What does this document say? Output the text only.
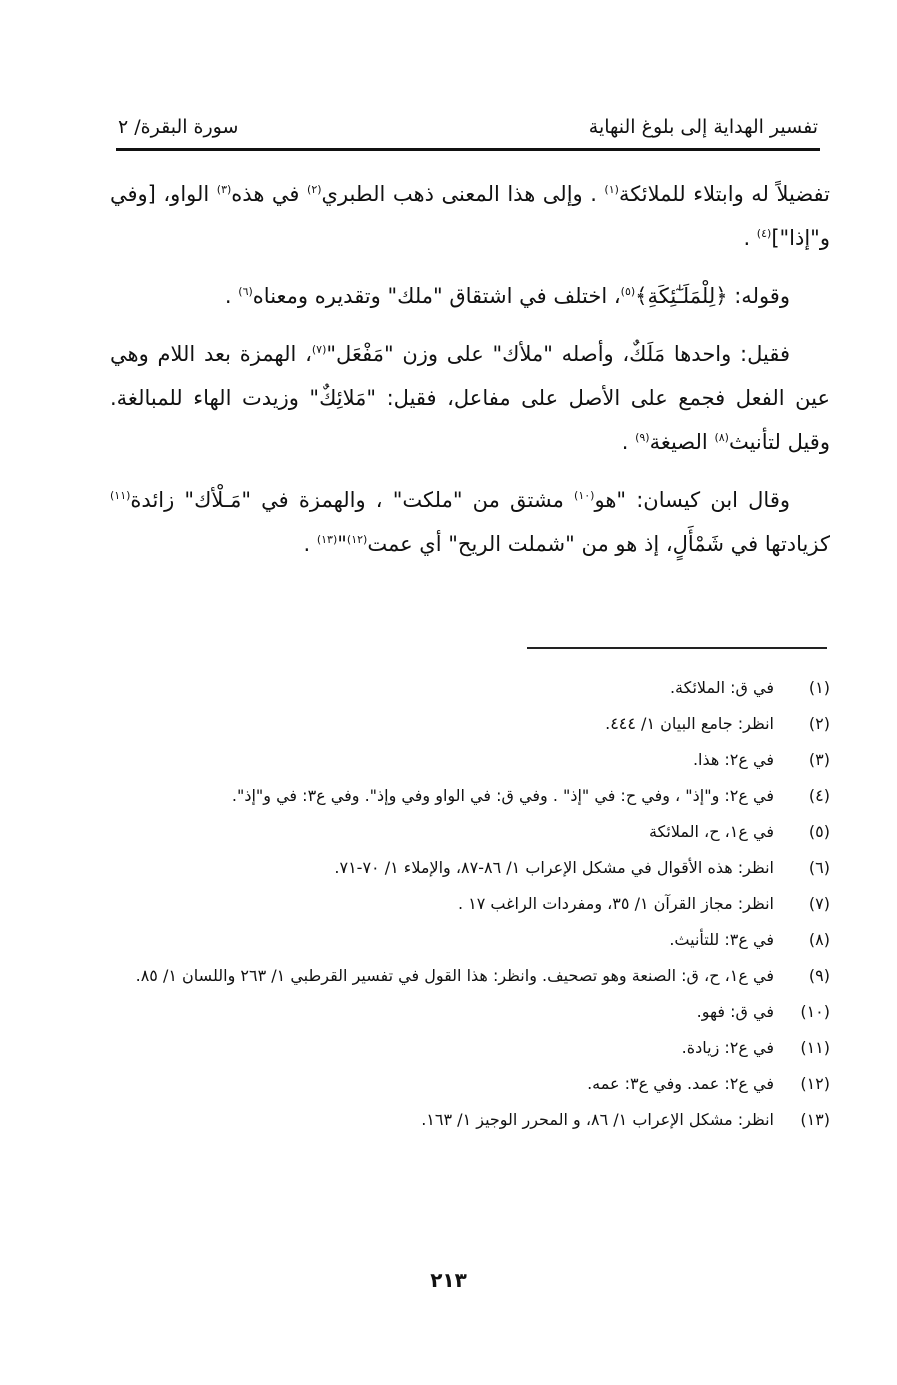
تفسير الهداية إلى بلوغ النهاية
سورة البقرة/ ٢

تفضيلاً له وابتلاء للملائكة$^{(١)}$ . وإلى هذا المعنى ذهب الطبري$^{(٢)}$ في هذه$^{(٣)}$ الواو، [وفي و"إذا"]$^{(٤)}$ .

وقوله: ﴿لِلْمَلَـٰٓئِكَةِ﴾$^{(٥)}$، اختلف في اشتقاق "ملك" وتقديره ومعناه$^{(٦)}$ .

فقيل: واحدها مَلَكٌ، وأصله "ملأك" على وزن "مَفْعَل"$^{(٧)}$، الهمزة بعد اللام وهي عين الفعل فجمع على الأصل على مفاعل، فقيل: "مَلائِكٌ" وزيدت الهاء للمبالغة. وقيل لتأنيث$^{(٨)}$ الصيغة$^{(٩)}$ .

وقال ابن كيسان: "هو$^{(١٠)}$ مشتق من "ملكت" ، والهمزة في "مَـلْأك" زائدة$^{(١١)}$ كزيادتها في شَمْأَلٍ، إذ هو من "شملت الريح" أي عمت$^{(١٢)}$"$^{(١٣)}$ .

(١)
في ق: الملائكة.
(٢)
انظر: جامع البيان ١/ ٤٤٤.
(٣)
في ع٢: هذا.
(٤)
في ع٢: و"إذ" ، وفي ح: في "إذ" . وفي ق: في الواو وفي وإذ". وفي ع٣: في و"إذ".
(٥)
في ع١، ح، الملائكة
(٦)
انظر: هذه الأقوال في مشكل الإعراب ١/ ٨٦-٨٧، والإملاء ١/ ٧٠-٧١.
(٧)
انظر: مجاز القرآن ١/ ٣٥، ومفردات الراغب ١٧ .
(٨)
في ع٣: للتأنيث.
(٩)
في ع١، ح، ق: الصنعة وهو تصحيف. وانظر: هذا القول في تفسير القرطبي ١/ ٢٦٣ واللسان ١/ ٨٥.
(١٠)
في ق: فهو.
(١١)
في ع٢: زيادة.
(١٢)
في ع٢: عمد. وفي ع٣: عمه.
(١٣)
انظر: مشكل الإعراب ١/ ٨٦، و المحرر الوجيز ١/ ١٦٣.
٢١٣
